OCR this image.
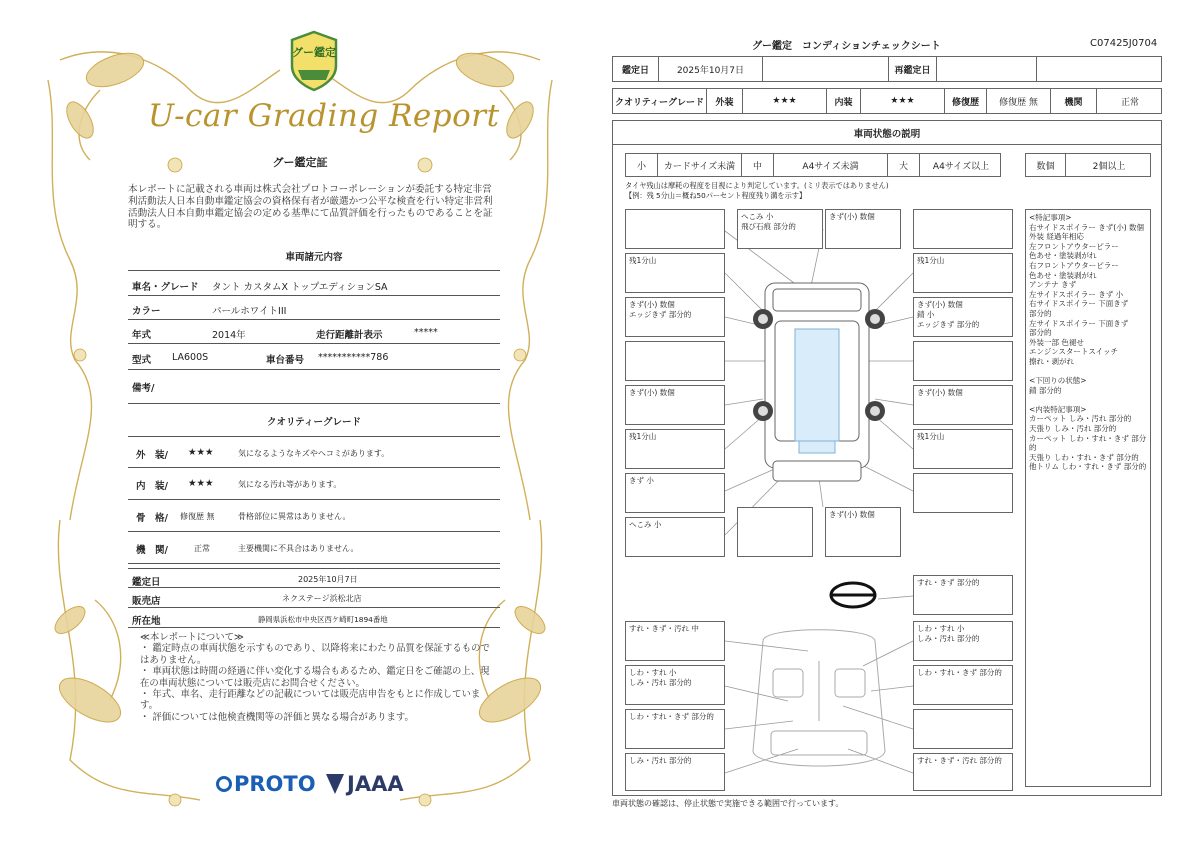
グー鑑定
U-car Grading Report
グー鑑定証
本レポートに記載される車両は株式会社プロトコーポレーションが委託する特定非営利活動法人日本自動車鑑定協会の資格保有者が厳選かつ公平な検査を行い特定非営利活動法人日本自動車鑑定協会の定める基準にて品質評価を行ったものであることを証明する。
車両諸元内容
車名・グレード タント カスタムX トップエディションSA
カラー	パールホワイトIII
年式	2014年	走行距離計表示	*****
型式 LA600S	車台番号 ***********786
備考/
クオリティーグレード
外　装/ ★★★	気になるようなキズやヘコミがあります。
内　装/ ★★★	気になる汚れ等があります。
骨　格/ 修復歴 無	骨格部位に異常はありません。
機　関/	正常	主要機関に不具合はありません。
鑑定日	2025年10月7日
販売店	ネクステージ浜松北店
所在地	静岡県浜松市中央区西ケ崎町1894番地

≪本レポートについて≫

・ 鑑定時点の車両状態を示すものであり、以降将来にわたり品質を保証するものではありません。

・ 車両状態は時間の経過に伴い変化する場合もあるため、鑑定日をご確認の上、現在の車両状態については販売店にお問合せください。

・ 年式、車名、走行距離などの記載については販売店申告をもとに作成しています。

・ 評価については他検査機関等の評価と異なる場合があります。

PROTO	JAAA
グー鑑定　コンディションチェックシート	C07425J0704
鑑定日	2025年10月7日	再鑑定日
クオリティーグレード	外装	★★★	内装	★★★	修復歴	修復歴 無	機関	正常
車両状態の説明
小	カードサイズ未満	中	A4サイズ未満	大	A4サイズ以上	数個	2個以上
タイヤ残山は摩耗の程度を目視により判定しています。(ミリ表示ではありません)
【例：残 5分山＝概ね50パーセント程度残り溝を示す】
<特記事項>
右サイドスポイラー きず(小) 数個
外装 経過年相応
左フロントアウターピラー
色あせ・塗装剥がれ
右フロントアウターピラー
色あせ・塗装剥がれ
アンテナ きず
左サイドスポイラー きず 小
右サイドスポイラー 下面きず
部分的
左サイドスポイラー 下面きず
部分的
外装一部 色褪せ
エンジンスタートスイッチ
擦れ・剥がれ

<下回りの状態>
錆 部分的

<内装特記事項>
カーペット しみ・汚れ 部分的
天張り しみ・汚れ 部分的
カーペット しわ・すれ・きず 部分的
天張り しわ・すれ・きず 部分的
他トリム しわ・すれ・きず 部分的
へこみ 小
飛び石痕 部分的
きず(小) 数個
残1分山	残1分山
きず(小) 数個
エッジきず 部分的
きず(小) 数個
錆 小
エッジきず 部分的
きず(小) 数個	きず(小) 数個
残1分山	残1分山
きず 小
へこみ 小
きず(小) 数個
すれ・きず 部分的
すれ・きず・汚れ 中	しわ・すれ 小
しみ・汚れ 部分的
しわ・すれ 小
しみ・汚れ 部分的
しわ・すれ・きず 部分的
しわ・すれ・きず 部分的
しみ・汚れ 部分的	すれ・きず・汚れ 部分的
車両状態の確認は、停止状態で実施できる範囲で行っています。
